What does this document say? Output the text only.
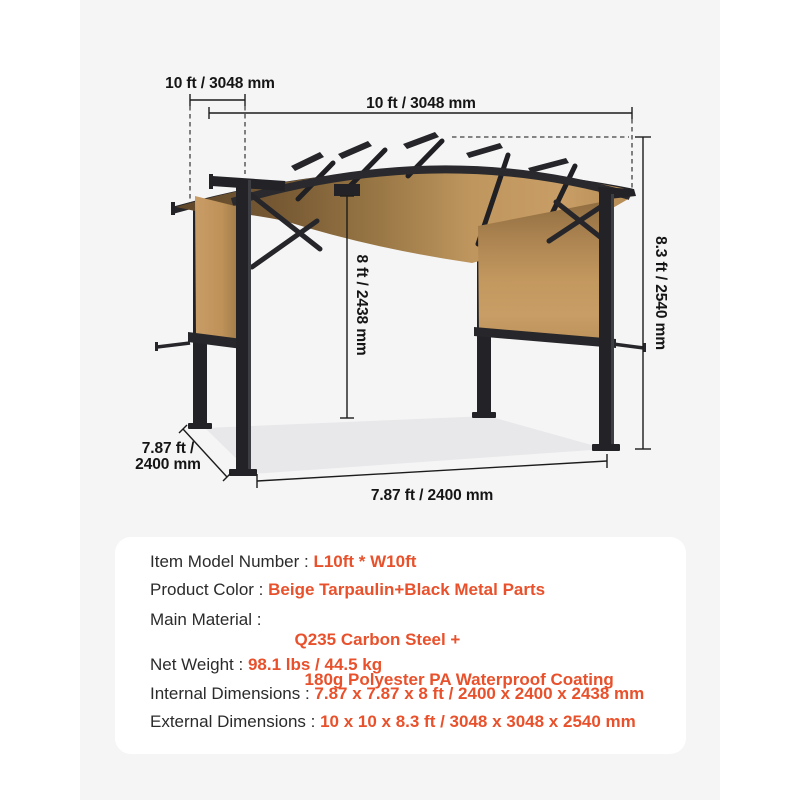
10 ft / 3048 mm
10 ft / 3048 mm
8 ft / 2438 mm	8.3 ft / 2540 mm
7.87 ft /
2400 mm
7.87 ft / 2400 mm
Item Model Number : L10ft * W10ft
Product Color : Beige Tarpaulin+Black Metal Parts
Main Material :

Q235 Carbon Steel +

180g Polyester PA Waterproof Coating

Net Weight : 98.1 lbs / 44.5 kg
Internal Dimensions : 7.87 x 7.87 x 8 ft / 2400 x 2400 x 2438 mm
External Dimensions : 10 x 10 x 8.3 ft / 3048 x 3048 x 2540 mm
